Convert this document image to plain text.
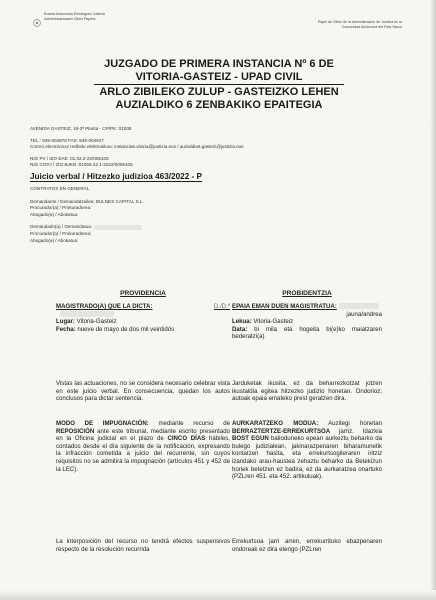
Euskal Autonomia Erkidegoko Justizia
Administrazioaren Ofizio Papera
Papel de Oficio de la Administración de Justicia en la
Comunidad Autónoma del País Vasco
JUZGADO DE PRIMERA INSTANCIA Nº 6 DE
VITORIA-GASTEIZ - UPAD CIVIL
ARLO ZIBILEKO ZULUP - GASTEIZKO LEHEN
AUZIALDIKO 6 ZENBAKIKO EPAITEGIA
AVENIDA GASTEIZ, 18-3ª Planta - CP/PK: 01008
TEL.: 945-004878 FAX: 945-004927
Correo electrónico/ Helbide elektronikoa: instancia6.vitoria@justizia.eus / auzialdia6.gasteiz@justizia.eus
NIG PV / IZO EAE: 01.02.2-22/005105
NIG CGPJ / IZO BJKN :01059.42.1-2022/0005105
Juicio verbal / Hitzezko judizioa 463/2022 - P
CONTRATOS EN GENERAL
Demandante / Demandatzailea: BULNES CAPITAL S.L.
Procurador(a) / Prokuradorea:
Abogado(a) / Abokatua:
Demandado(a) / Demandatua:
Procurador(a) / Prokuradorea:
Abogado(a) / Abokatua:
PROVIDENCIA
MAGISTRADO(A) QUE LA DICTA:	D./D.ª
Lugar: Vitoria-Gasteiz
Fecha: nueve de mayo de dos mil veintidós
Vistas las actuaciones, no se considera necesario celebrar vista en este juicio verbal. En consecuencia, quedan los autos conclusos para dictar sentencia.
MODO DE IMPUGNACIÓN: mediante recurso de REPOSICIÓN ante este tribunal, mediante escrito presentado en la Oficina judicial en el plazo de CINCO DÍAS hábiles, contados desde el día siguiente de la notificación, expresando la infracción cometida a juicio del recurrente, sin cuyos requisitos no se admitirá la impugnación (artículos 451 y 452 de la LEC).
La interposición del recurso no tendrá efectos suspensivos respecto de la resolución recurrida
PROBIDENTZIA
EPAIA EMAN DUEN MAGISTRATUA:
jauna/andrea
Lekua: Vitoria-Gasteiz
Data: bi mila eta hogeita bi(e)ko maiatzaren bederatzi(a)
Jarduketak ikusita, ez da beharrezkotzat jotzen ikustaldia egitea hitzezko judizio honetan. Ondorioz, autoak epaia emateko prest geratzen dira.
AURKARATZEKO MODUA: Auzitegi honetan BERRAZTERTZE-ERREKURTSOA jarriz. Idazkia BOST EGUN balioduneko epean aurkeztu beharko da bulego judizialean, jakinarazpenaren biharamunetik kontatzen hasita, eta errekurtsogileraren iritziz izandako arau-hausteа zehaztu beharko da Betekizun horiek betetzen ez badira, ez da aurkaratzea onartuko (PZLren 451. eta 452. artikuluak).
Errekurtsoa jarri arren, errekurrituko ebazpenaren ondoreak ez dira etengo (PZLren
